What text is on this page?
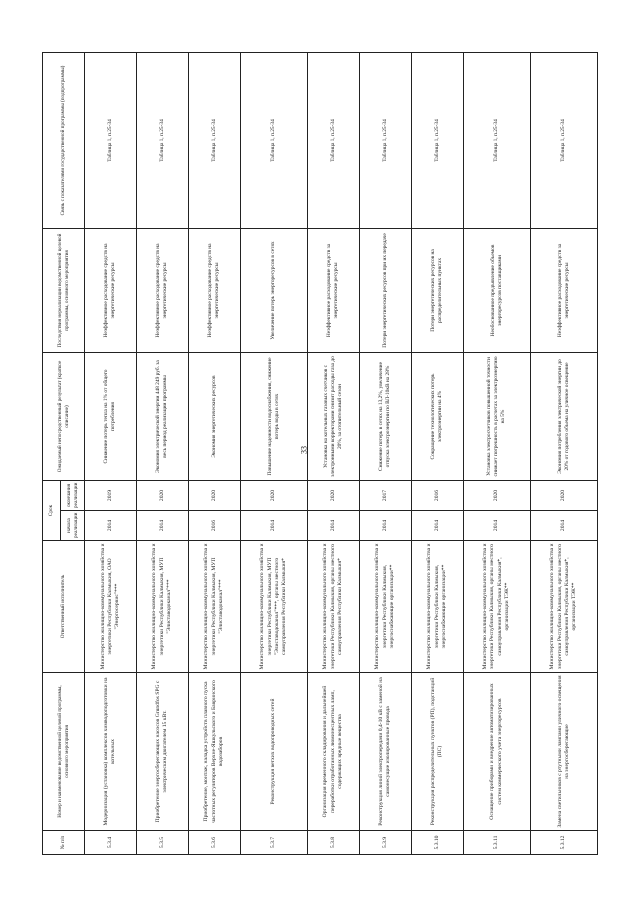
33
№ п/п	Номер и наименование ведомственной целевой программы, основного мероприятия	Ответственный исполнитель	Срок		Ожидаемый непосредственный результат (краткое описание)	Последствия нереализации ведомственной целевой программы, основного мероприятия	Связь с показателями государственной программы (подпрограммы)
			начала реализации	окончания реализации			
5.3.4	Модернизация (установка) комплексов химводоподготовки на котельных	Министерство жилищно-коммунального хозяйства и энергетики Республики Калмыкия, ОАО "Энергосервис"***	2014	2019	Снижение потерь тепла на 1% от общего потребления	Неэффективное расходование средств на энергетические ресурсы	Таблица 1, п.25-34
5.3.5	Приобретение энергосберегающих насосов Grundfos SPG с электрическим двигателем 15 кВт.	Министерство жилищно-коммунального хозяйства и энергетики Республики Калмыкия, МУП "Элиставодоканал"***	2014	2020	Экономия электрической энергии 448 249 руб. за весь период реализации программы	Неэффективное расходование средств на энергетические ресурсы	Таблица 1, п.25-34
5.3.6	Приобретение, монтаж, наладка устройств плавного пуска частотных регуляторов Верхне-Яшкульского и Бавринского водозаборов	Министерство жилищно-коммунального хозяйства и энергетики Республики Калмыкия, МУП "Элиставодоканал"***	2016	2020	Экономия энергетических ресурсов	Неэффективное расходование средств на энергетические ресурсы	Таблица 1, п.25-34
5.3.7	Реконструкция ветхих водопроводных сетей	Министерство жилищно-коммунального хозяйства и энергетики Республики Калмыкия, МУП "Элиставодоканал"***, органы местного самоуправления Республики Калмыкия*	2014	2020	Повышение надежности водоснабжения, снижение потерь воды в сетях	Увеличение потерь энергоресурсов в сетях	Таблица 1, п.25-34
5.3.8	Организация временного складирования и дальнейшей переработки отработанных люминесцентных ламп, содержащих вредные вещества	Министерство жилищно-коммунального хозяйства и энергетики Республики Калмыкия, органы местного самоуправления Республики Калмыкия*	2014	2020	Установка на котельных газовых счетчиков с электронными корректорами снизит расходы газа до 20%, за отопительный сезон	Неэффективное расходование средств за энергетические ресурсы	Таблица 1, п.25-34
5.3.9	Реконструкция линий электропередачи 0,4-10 кВ с заменой на самонесущие изолированные провода	Министерство жилищно-коммунального хозяйства и энергетики Республики Калмыкия, энергоснабжающие организации**	2014	2017	Снижение потерь в сетях на 13,2%, увеличение отпуска электроэнергии по ВЛ-10кВ на 28%	Потери энергетических ресурсов при их передаче	Таблица 1, п.25-34
5.3.10	Реконструкция распределительных пунктов (РП), подстанций (ПС)	Министерство жилищно-коммунального хозяйства и энергетики Республики Калмыкия, энергоснабжающие организации**	2014	2016	Сокращение технологических потерь электроэнергии на 4%	Потери энергетических ресурсов на распределительных пунктах	Таблица 1, п.25-34
5.3.11	Оснащение приборами и внедрение автоматизированных систем коммерческого учета энергоресурсов	Министерство жилищно-коммунального хозяйства и энергетики Республики Калмыкия, органы местного самоуправления Республики Калмыкия*, организации ТЭК**	2014	2020	Установка электросчетчиков повышенной точности снижает погрешность в расчетах за электроэнергию на 5%	Необоснованное предъявление объемов энергоресурсов поставщиками	Таблица 1, п.25-34
5.3.12	Замена светильников с ртутными лампами уличного освещения на энергосберегающие	Министерство жилищно-коммунального хозяйства и энергетики Республики Калмыкия, органы местного самоуправления Республики Калмыкия*, организации ТЭК**	2014	2020	Экономия потребления электрической энергии до 20% от годового объема на уличное освещение	Неэффективное расходование средств за энергетические ресурсы	Таблица 1, п.25-34
